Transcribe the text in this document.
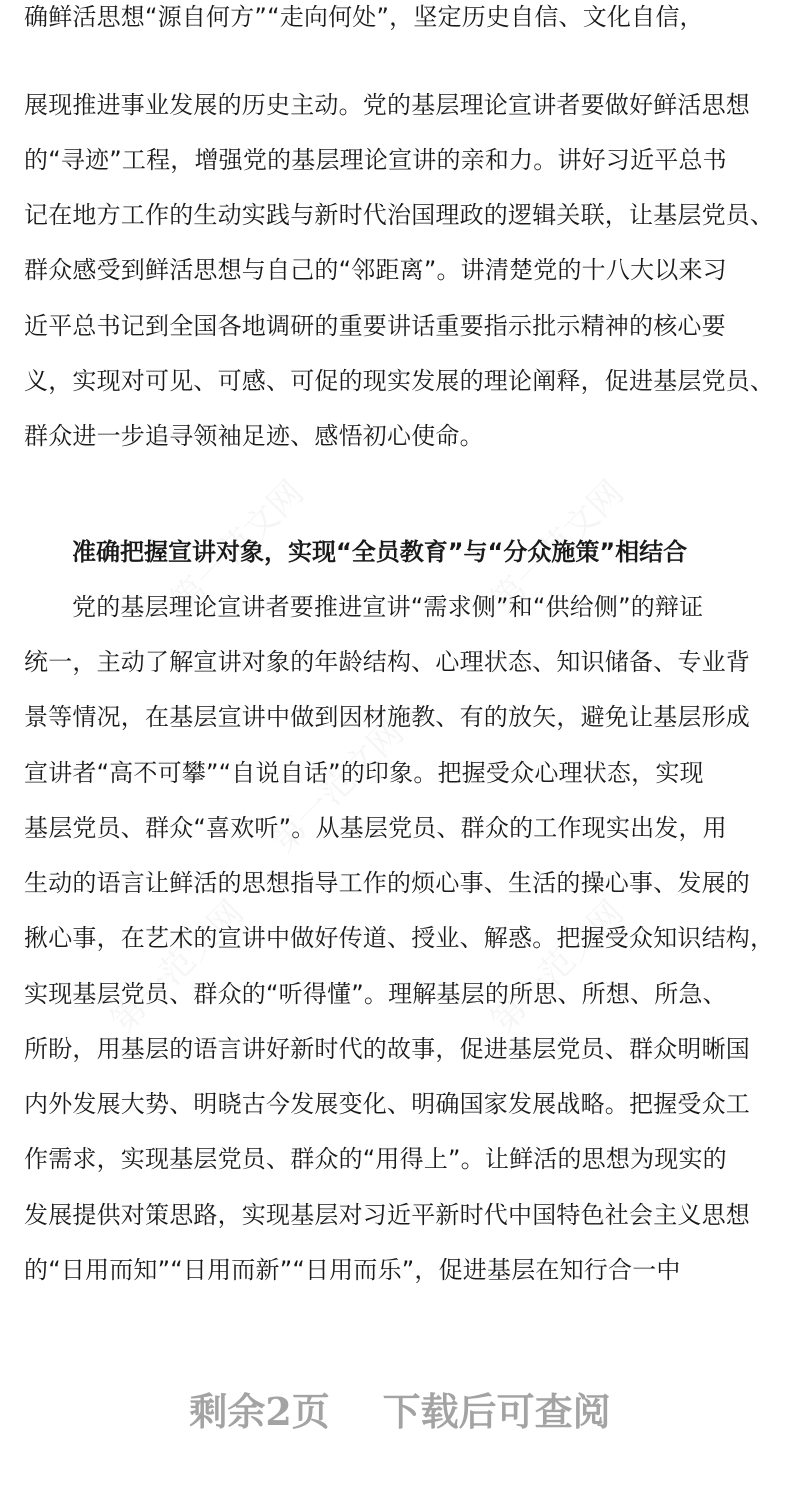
第一范文网	第一范文网
第一范文网
第一范文网	第一范文网
确鲜活思想“源自何方”“走向何处”，坚定历史自信、文化自信，
展现推进事业发展的历史主动。党的基层理论宣讲者要做好鲜活思想
的“寻迹”工程，增强党的基层理论宣讲的亲和力。讲好习近平总书
记在地方工作的生动实践与新时代治国理政的逻辑关联，让基层党员、
群众感受到鲜活思想与自己的“邻距离”。讲清楚党的十八大以来习
近平总书记到全国各地调研的重要讲话重要指示批示精神的核心要
义，实现对可见、可感、可促的现实发展的理论阐释，促进基层党员、
群众进一步追寻领袖足迹、感悟初心使命。
准确把握宣讲对象，实现“全员教育”与“分众施策”相结合
党的基层理论宣讲者要推进宣讲“需求侧”和“供给侧”的辩证
统一，主动了解宣讲对象的年龄结构、心理状态、知识储备、专业背
景等情况，在基层宣讲中做到因材施教、有的放矢，避免让基层形成
宣讲者“高不可攀”“自说自话”的印象。把握受众心理状态，实现
基层党员、群众“喜欢听”。从基层党员、群众的工作现实出发，用
生动的语言让鲜活的思想指导工作的烦心事、生活的操心事、发展的
揪心事，在艺术的宣讲中做好传道、授业、解惑。把握受众知识结构，
实现基层党员、群众的“听得懂”。理解基层的所思、所想、所急、
所盼，用基层的语言讲好新时代的故事，促进基层党员、群众明晰国
内外发展大势、明晓古今发展变化、明确国家发展战略。把握受众工
作需求，实现基层党员、群众的“用得上”。让鲜活的思想为现实的
发展提供对策思路，实现基层对习近平新时代中国特色社会主义思想
的“日用而知”“日用而新”“日用而乐”，促进基层在知行合一中
剩余2页    下载后可查阅
